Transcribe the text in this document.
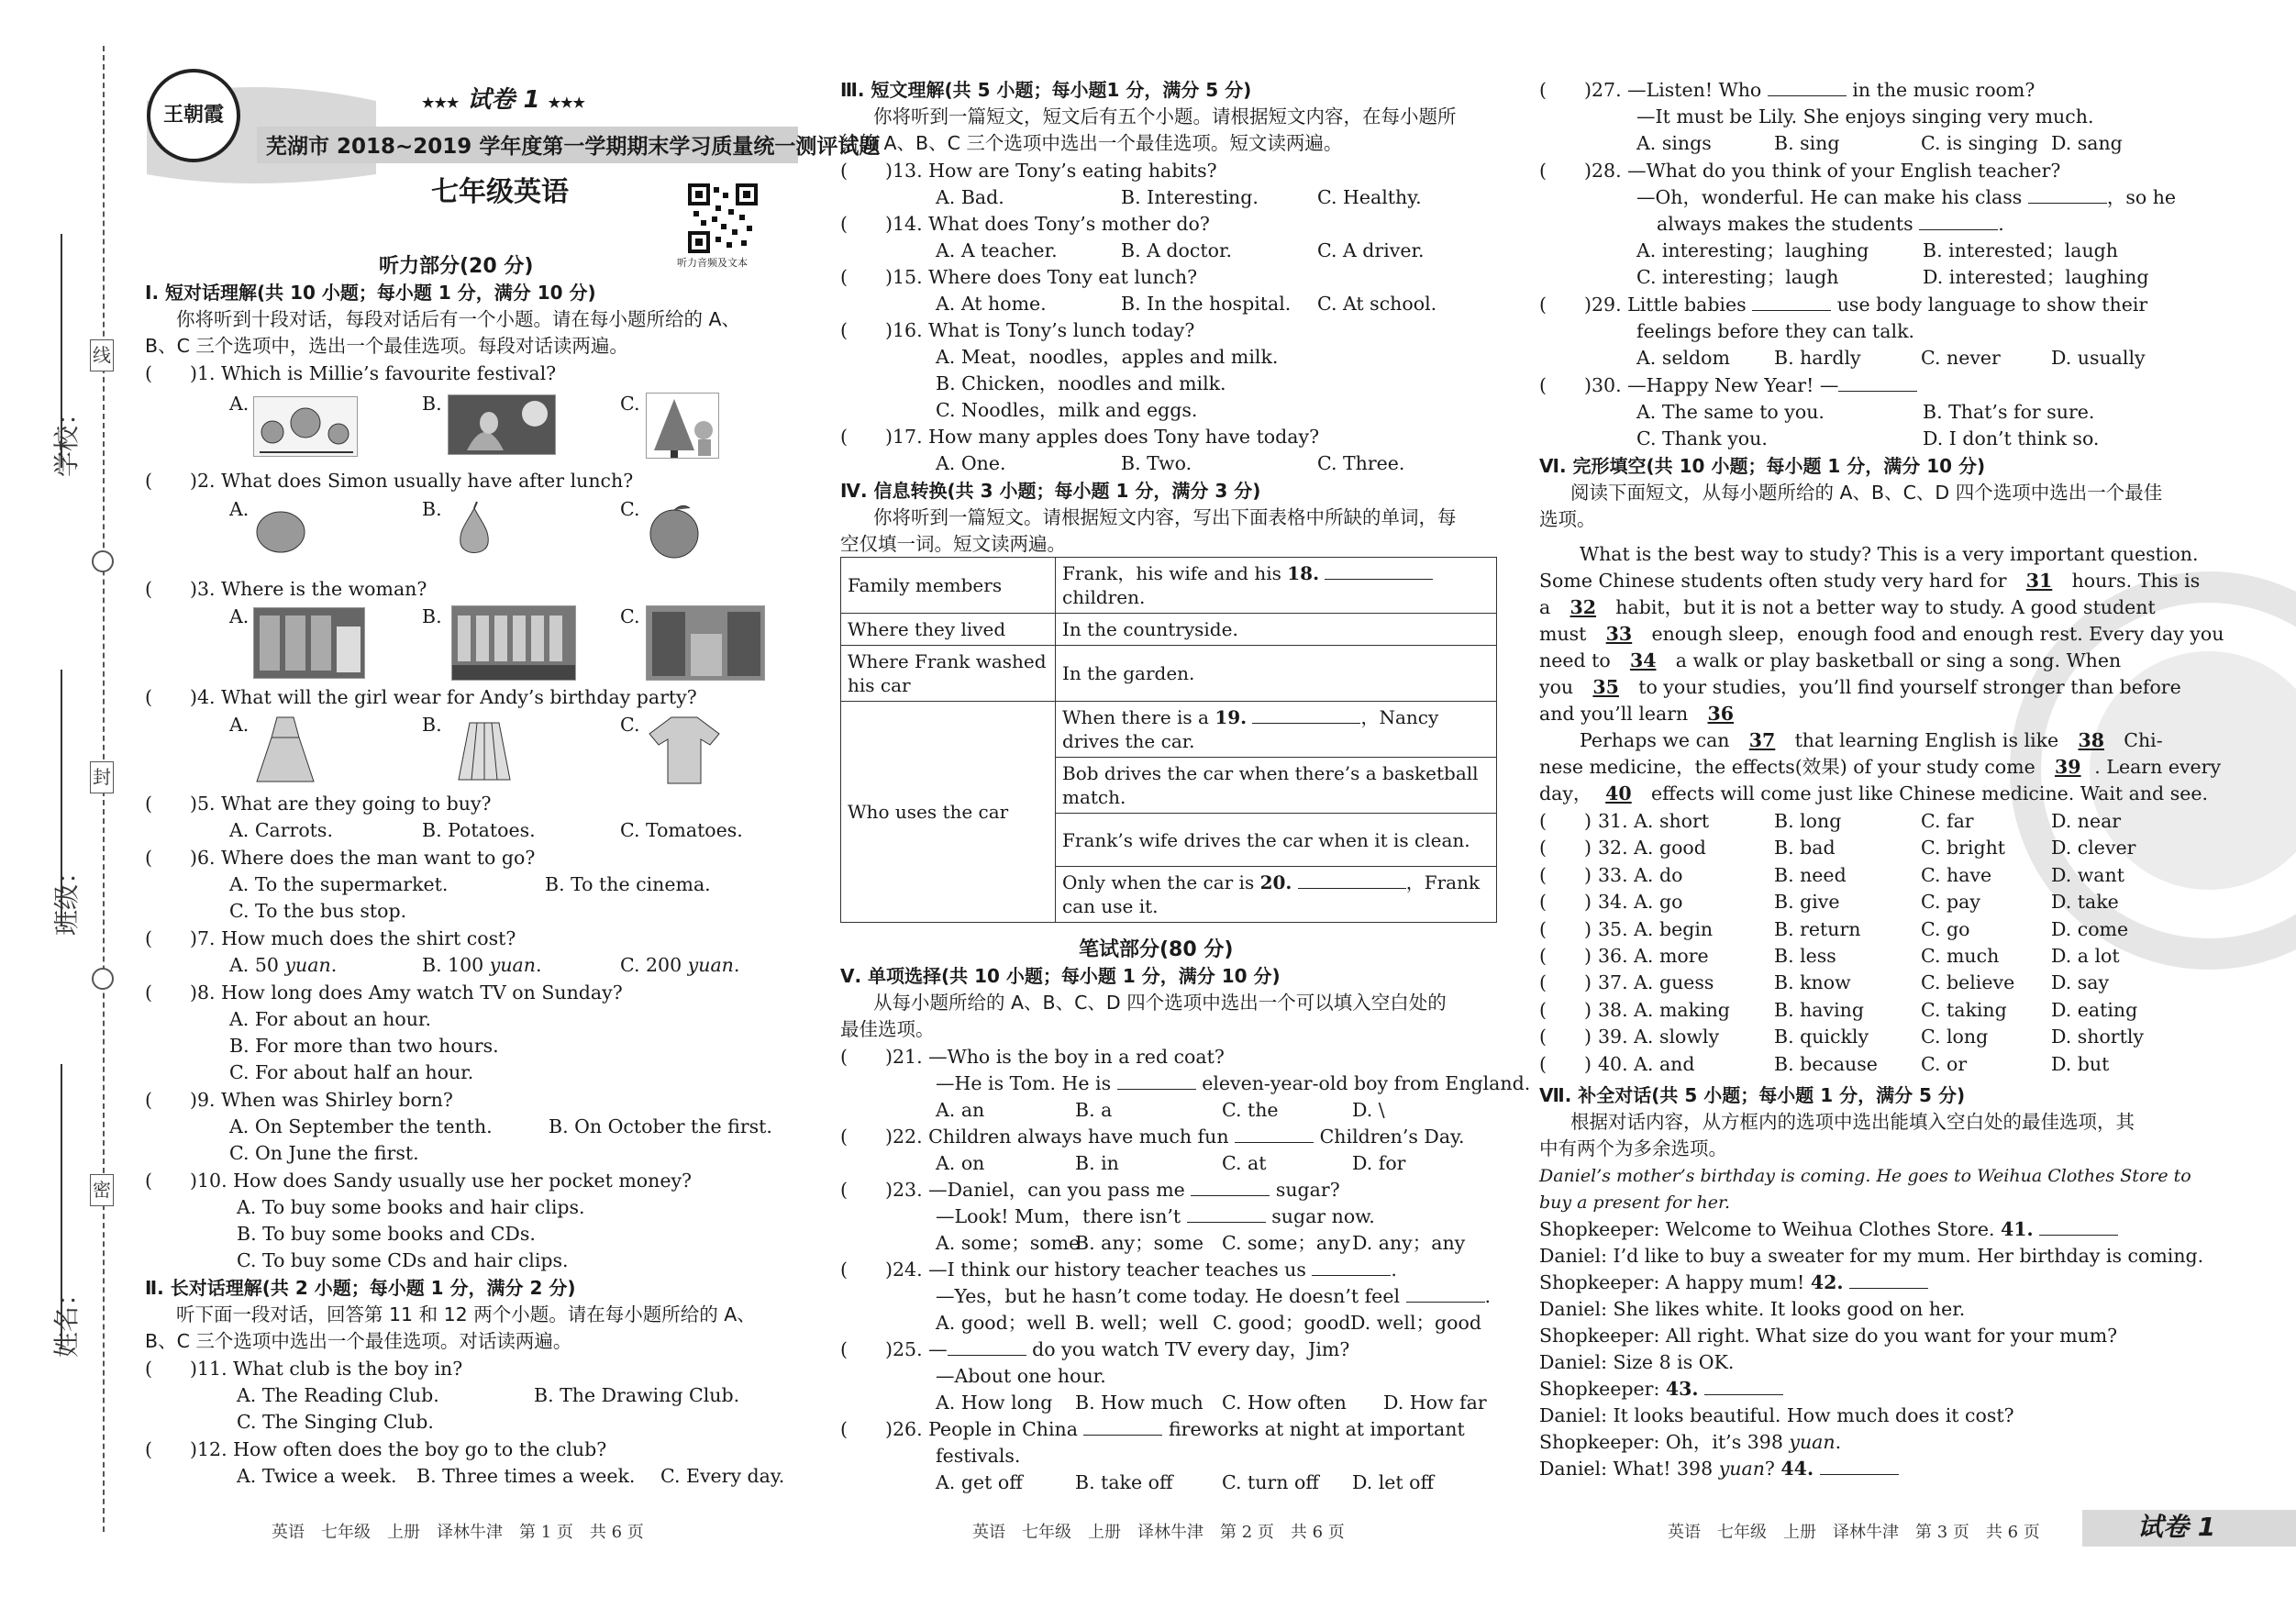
线
封
密
学校：
班级：
姓名：
王朝霞
★★★ 试卷 1 ★★★
芜湖市 2018~2019 学年度第一学期期末学习质量统一测评试题
七年级英语
听力音频及文本
听力部分(20 分)
Ⅰ. 短对话理解(共 10 小题；每小题 1 分，满分 10 分)
你将听到十段对话，每段对话后有一个小题。请在每小题所给的 A、
B、C 三个选项中，选出一个最佳选项。每段对话读两遍。
(　　)1. Which is Millie’s favourite festival?
A.	B.	C.
(　　)2. What does Simon usually have after lunch?
A.	B.	C.
(　　)3. Where is the woman?
A.	B.	C.
(　　)4. What will the girl wear for Andy’s birthday party?
A.	B.	C.
(　　)5. What are they going to buy?
A. Carrots.	B. Potatoes.	C. Tomatoes.
(　　)6. Where does the man want to go?
A. To the supermarket.	B. To the cinema.
C. To the bus stop.
(　　)7. How much does the shirt cost?
A. 50 yuan.	B. 100 yuan.	C. 200 yuan.
(　　)8. How long does Amy watch TV on Sunday?
A. For about an hour.
B. For more than two hours.
C. For about half an hour.
(　　)9. When was Shirley born?
A. On September the tenth.	B. On October the first.
C. On June the first.
(　　)10. How does Sandy usually use her pocket money?
A. To buy some books and hair clips.
B. To buy some books and CDs.
C. To buy some CDs and hair clips.
Ⅱ. 长对话理解(共 2 小题；每小题 1 分，满分 2 分)
听下面一段对话，回答第 11 和 12 两个小题。请在每小题所给的 A、
B、C 三个选项中选出一个最佳选项。对话读两遍。
(　　)11. What club is the boy in?
A. The Reading Club.	B. The Drawing Club.
C. The Singing Club.
(　　)12. How often does the boy go to the club?
A. Twice a week. B. Three times a week. C. Every day.
英语　七年级　上册　译林牛津　第 1 页　共 6 页
Ⅲ. 短文理解(共 5 小题；每小题1 分，满分 5 分)
你将听到一篇短文，短文后有五个小题。请根据短文内容，在每小题所
给的 A、B、C 三个选项中选出一个最佳选项。短文读两遍。
(　　)13. How are Tony’s eating habits?
A. Bad.	B. Interesting.	C. Healthy.
(　　)14. What does Tony’s mother do?
A. A teacher.	B. A doctor.	C. A driver.
(　　)15. Where does Tony eat lunch?
A. At home.	B. In the hospital. C. At school.
(　　)16. What is Tony’s lunch today?
A. Meat，noodles，apples and milk.
B. Chicken，noodles and milk.
C. Noodles，milk and eggs.
(　　)17. How many apples does Tony have today?
A. One.	B. Two.	C. Three.
Ⅳ. 信息转换(共 3 小题；每小题 1 分，满分 3 分)
你将听到一篇短文。请根据短文内容，写出下面表格中所缺的单词，每
空仅填一词。短文读两遍。
Family members	Frank，his wife and his 18.
children.
Where they lived	In the countryside.
Where Frank washed his car	In the garden.
Who uses the car	When there is a 19. ，Nancy drives the car.
	Bob drives the car when there’s a basketball match.
	Frank’s wife drives the car when it is clean.
	Only when the car is 20. ，Frank can use it.
笔试部分(80 分)
Ⅴ. 单项选择(共 10 小题；每小题 1 分，满分 10 分)
从每小题所给的 A、B、C、D 四个选项中选出一个可以填入空白处的
最佳选项。
(　　)21. —Who is the boy in a red coat?
—He is Tom. He is	eleven-year-old boy from England.
A. an	B. a	C. the	D. \
(　　)22. Children always have much fun	Children’s Day.
A. on	B. in	C. at	D. for
(　　)23. —Daniel，can you pass me	sugar?
—Look! Mum，there isn’t	sugar now.
A. some；some
B. any；some C. some；any D. any；any
(　　)24. —I think our history teacher teaches us	.
—Yes，but he hasn’t come today. He doesn’t feel	.
A. good；well B. well；well C. good；good D. well；good
(　　)25. —	do you watch TV every day，Jim?
—About one hour.
A. How long B. How much C. How often D. How far
(　　)26. People in China	fireworks at night at important
festivals.
A. get off	B. take off	C. turn off D. let off
英语　七年级　上册　译林牛津　第 2 页　共 6 页
(　　)27. —Listen! Who	in the music room?
—It must be Lily. She enjoys singing very much.
A. sings	B. sing	C. is singing D. sang
(　　)28. —What do you think of your English teacher?
—Oh，wonderful. He can make his class	，so he
always makes the students	.
A. interesting；laughing	B. interested；laugh
C. interesting；laugh	D. interested；laughing
(　　)29. Little babies	use body language to show their
feelings before they can talk.
A. seldom B. hardly	C. never	D. usually
(　　)30. —Happy New Year! —
A. The same to you.	B. That’s for sure.
C. Thank you.	D. I don’t think so.
Ⅵ. 完形填空(共 10 小题；每小题 1 分，满分 10 分)
阅读下面短文，从每小题所给的 A、B、C、D 四个选项中选出一个最佳
选项。
What is the best way to study? This is a very important question.
Some Chinese students often study very hard for 31 hours. This is
a 32 habit，but it is not a better way to study. A good student
must 33 enough sleep，enough food and enough rest. Every day you
need to 34 a walk or play basketball or sing a song. When
you 35 to your studies，you’ll find yourself stronger than before
and you’ll learn 36
Perhaps we can 37 that learning English is like 38 Chi-
nese medicine，the effects(效果) of your study come 39 . Learn every
day， 40 effects will come just like Chinese medicine. Wait and see.
(　　) 31. A. short	B. long	C. far	D. near
(　　) 32. A. good	B. bad	C. bright D. clever
(　　) 33. A. do	B. need	C. have	D. want
(　　) 34. A. go	B. give	C. pay	D. take
(　　) 35. A. begin	B. return	C. go	D. come
(　　) 36. A. more	B. less	C. much	D. a lot
(　　) 37. A. guess	B. know	C. believe D. say
(　　) 38. A. making B. having	C. taking D. eating
(　　) 39. A. slowly	B. quickly	C. long	D. shortly
(　　) 40. A. and	B. because C. or	D. but
Ⅶ. 补全对话(共 5 小题；每小题 1 分，满分 5 分)
根据对话内容，从方框内的选项中选出能填入空白处的最佳选项，其
中有两个为多余选项。
Daniel’s mother’s birthday is coming. He goes to Weihua Clothes Store to
buy a present for her.
Shopkeeper: Welcome to Weihua Clothes Store. 41.
Daniel: I’d like to buy a sweater for my mum. Her birthday is coming.
Shopkeeper: A happy mum! 42.
Daniel: She likes white. It looks good on her.
Shopkeeper: All right. What size do you want for your mum?
Daniel: Size 8 is OK.
Shopkeeper: 43.
Daniel: It looks beautiful. How much does it cost?
Shopkeeper: Oh，it’s 398 yuan.
Daniel: What! 398 yuan? 44.
英语　七年级　上册　译林牛津　第 3 页　共 6 页	试卷 1
